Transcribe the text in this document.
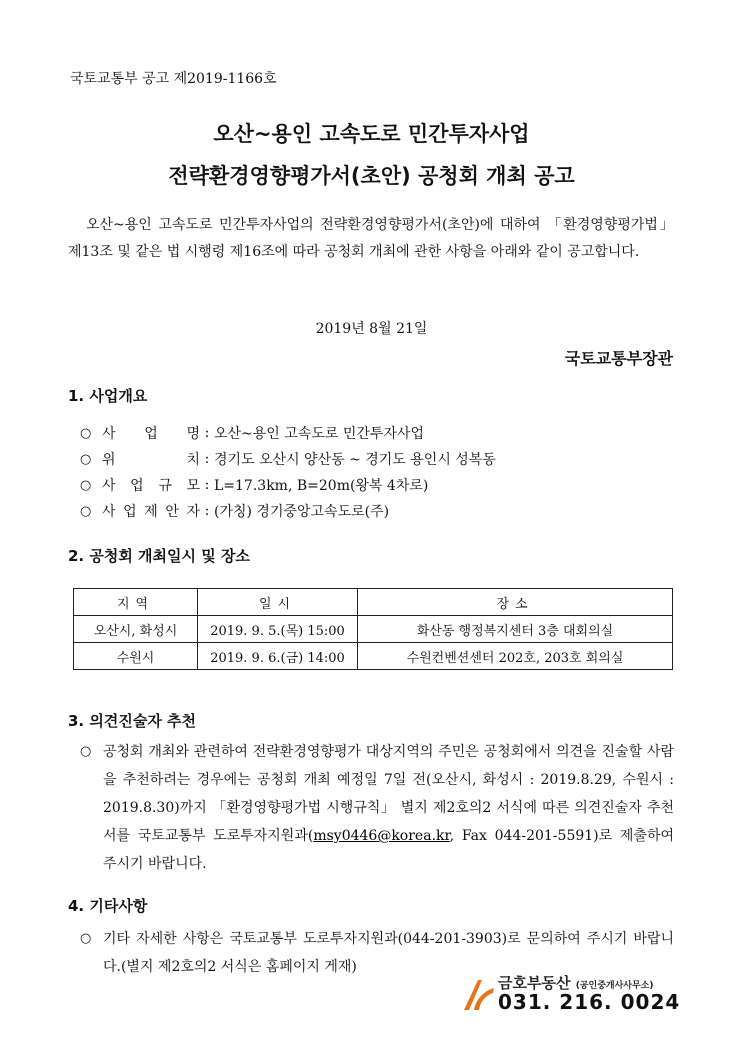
국토교통부 공고 제2019-1166호
오산~용인 고속도로 민간투자사업
전략환경영향평가서(초안) 공청회 개최 공고
오산~용인 고속도로 민간투자사업의 전략환경영향평가서(초안)에 대하여 「환경영향평가법」 제13조 및 같은 법 시행령 제16조에 따라 공청회 개최에 관한 사항을 아래와 같이 공고합니다.
2019년 8월 21일
국토교통부장관
1. 사업개요
○ 사 업 명 : 오산~용인 고속도로 민간투자사업
○ 위	치 : 경기도 오산시 양산동 ~ 경기도 용인시 성복동
○ 사 업 규 모 : L=17.3km, B=20m(왕복 4차로)
○ 사 업 제 안 자 : (가칭) 경기중앙고속도로(주)
2. 공청회 개최일시 및 장소
지역	일시	장소
오산시, 화성시	2019. 9. 5.(목) 15:00	화산동 행정복지센터 3층 대회의실
수원시	2019. 9. 6.(금) 14:00	수원컨벤션센터 202호, 203호 회의실
3. 의견진술자 추천
○ 공청회 개최와 관련하여 전략환경영향평가 대상지역의 주민은 공청회에서 의견을 진술할 사람을 추천하려는 경우에는 공청회 개최 예정일 7일 전(오산시, 화성시 : 2019.8.29, 수원시 : 2019.8.30)까지 「환경영향평가법 시행규칙」 별지 제2호의2 서식에 따른 의견진술자 추천서를 국토교통부 도로투자지원과(msy0446@korea.kr, Fax 044-201-5591)로 제출하여 주시기 바랍니다.
4. 기타사항
○ 기타 자세한 사항은 국토교통부 도로투자지원과(044-201-3903)로 문의하여 주시기 바랍니다.(별지 제2호의2 서식은 홈페이지 게재)
금호부동산 (공인중개사사무소)
031. 216. 0024
